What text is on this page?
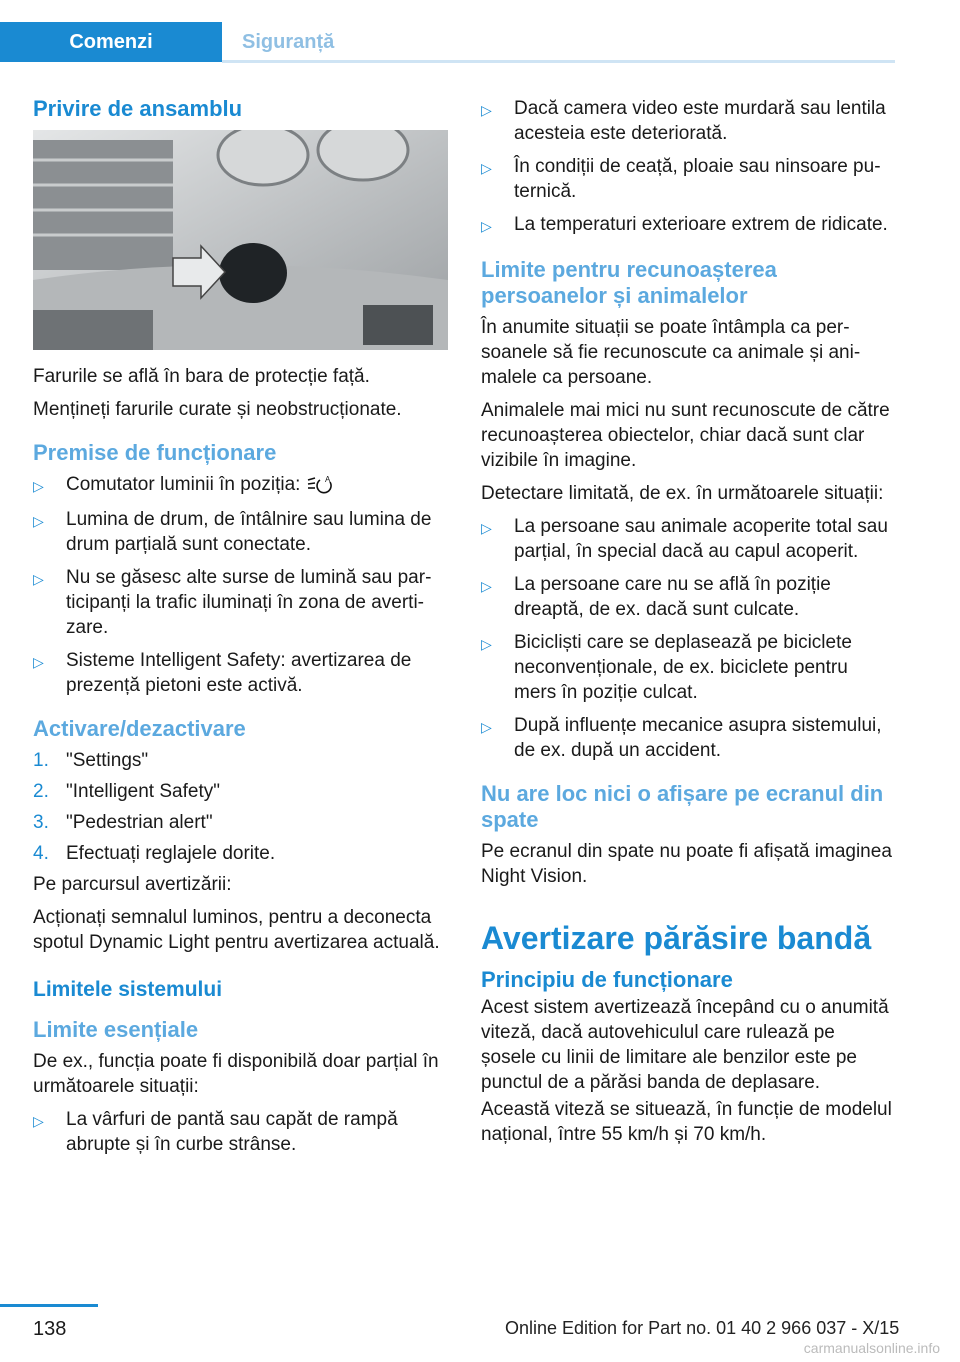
Comenzi	Siguranță
Privire de ansamblu

Farurile se află în bara de protecție față.

Mențineți farurile curate și neobstrucționate.

Premise de funcționare
▷	Comutator luminii în poziția:	A
▷	Lumina de drum, de întâlnire sau lumina de drum parțială sunt conectate.
▷	Nu se găsesc alte surse de lumină sau participanți la trafic iluminați în zona de avertizare.
▷	Sisteme Intelligent Safety: avertizarea de prezență pietoni este activă.
Activare/dezactivare
1. "Settings"
2. "Intelligent Safety"
3. "Pedestrian alert"
4. Efectuați reglajele dorite.

Pe parcursul avertizării:

Acționați semnalul luminos, pentru a deconecta spotul Dynamic Light pentru avertizarea actuală.

Limitele sistemului
Limite esențiale

De ex., funcția poate fi disponibilă doar parțial în următoarele situații:

▷	La vârfuri de pantă sau capăt de rampă abrupte și în curbe strânse.
▷	Dacă camera video este murdară sau lentila acesteia este deteriorată.
▷	În condiții de ceață, ploaie sau ninsoare puternică.
▷	La temperaturi exterioare extrem de ridicate.
Limite pentru recunoașterea persoanelor și animalelor

În anumite situații se poate întâmpla ca persoanele să fie recunoscute ca animale și animalele ca persoane.

Animalele mai mici nu sunt recunoscute de către recunoașterea obiectelor, chiar dacă sunt clar vizibile în imagine.

Detectare limitată, de ex. în următoarele situații:

▷	La persoane sau animale acoperite total sau parțial, în special dacă au capul acoperit.
▷	La persoane care nu se află în poziție dreaptă, de ex. dacă sunt culcate.
▷	Bicicliști care se deplasează pe biciclete neconvenționale, de ex. biciclete pentru mers în poziție culcat.
▷	După influențe mecanice asupra sistemului, de ex. după un accident.
Nu are loc nici o afișare pe ecranul din spate

Pe ecranul din spate nu poate fi afișată imaginea Night Vision.

Avertizare părăsire bandă
Principiu de funcționare

Acest sistem avertizează începând cu o anumită viteză, dacă autovehiculul care rulează pe șosele cu linii de limitare ale benzilor este pe punctul de a părăsi banda de deplasare.

Această viteză se situează, în funcție de modelul național, între 55 km/h și 70 km/h.

138	Online Edition for Part no. 01 40 2 966 037 - X/15
carmanualsonline.info
